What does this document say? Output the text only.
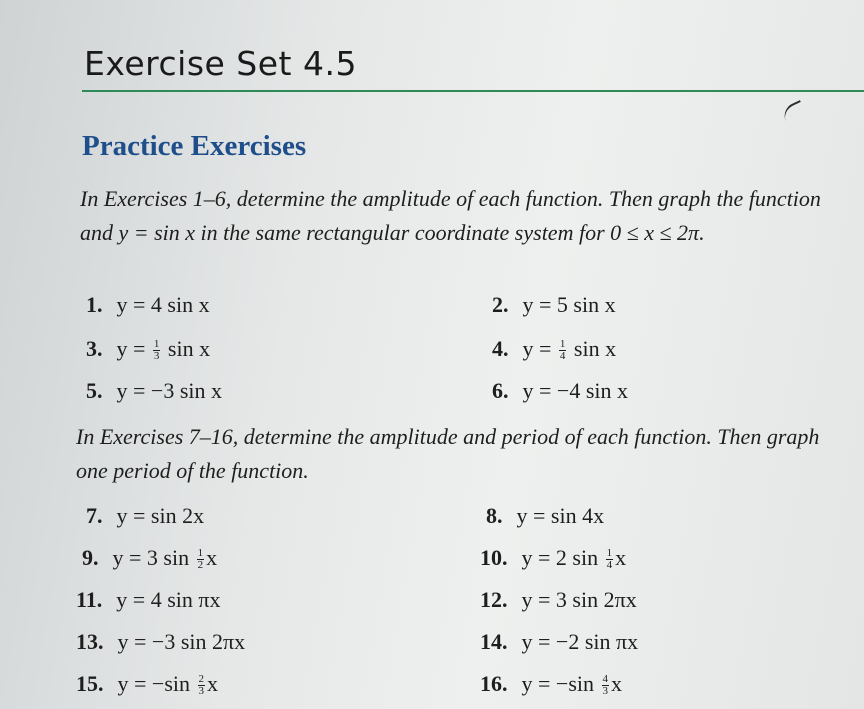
Exercise Set 4.5
Practice Exercises
In Exercises 1–6, determine the amplitude of each function. Then graph the function and y = sin x in the same rectangular coordinate system for 0 ≤ x ≤ 2π.
1. y = 4 sin x	2. y = 5 sin x
3. $y = \frac{1}{3}$ sin x	4. $y = \frac{1}{4}$ sin x
5. y = −3 sin x	6. y = −4 sin x
7. y = sin 2x	8. y = sin 4x
9. y = 3 $\sin \frac{1}{2}$ x	10. y = 2 $\sin \frac{1}{4}$ x
11. y = 4 sin πx	12. y = 3 sin 2πx
13. y = −3 sin 2πx	14. y = −2 sin πx
15. $y = -\sin \frac{2}{3}$ x	16. $y = -\sin \frac{4}{3}$ x
In Exercises 7–16, determine the amplitude and period of each function. Then graph one period of the function.
